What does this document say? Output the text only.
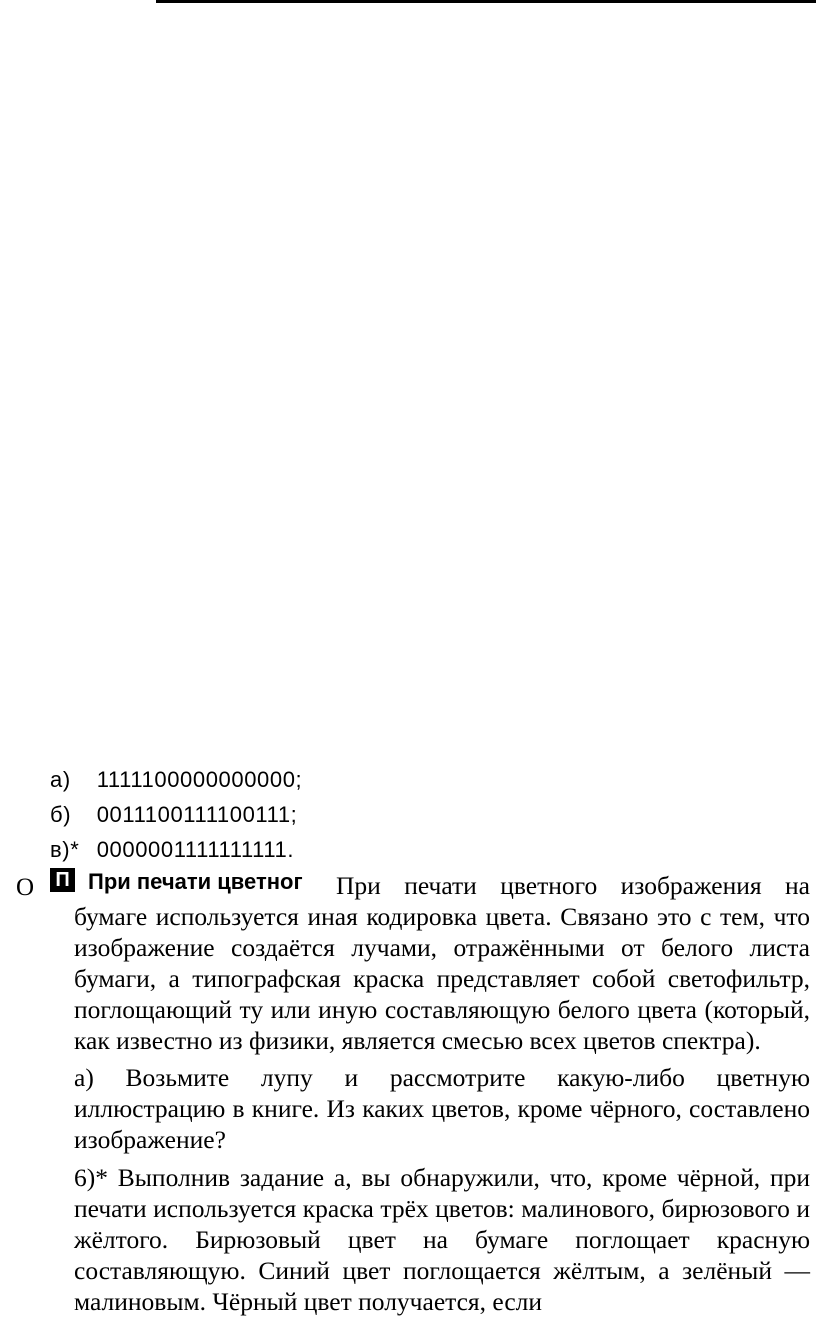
а) 1111100000000000;
б) 0011100111100111;
в)* 0000001111111111.
О П При печати цветног	При печати цветного изображения на бумаге используется иная кодировка цвета. Связано это с тем, что изображение создаётся лучами, отражёнными от белого листа бумаги, а типографская краска представляет собой светофильтр, поглощающий ту или иную составляющую белого цвета (который, как известно из физики, является смесью всех цветов спектра).

а) Возьмите лупу и рассмотрите какую-либо цветную иллюстрацию в книге. Из каких цветов, кроме чёрного, составлено изображение?

6)* Выполнив задание а, вы обнаружили, что, кроме чёрной, при печати используется краска трёх цветов: малинового, бирюзового и жёлтого. Бирюзовый цвет на бумаге поглощает красную составляющую. Синий цвет поглощается жёлтым, а зелёный — малиновым. Чёрный цвет получается, если
